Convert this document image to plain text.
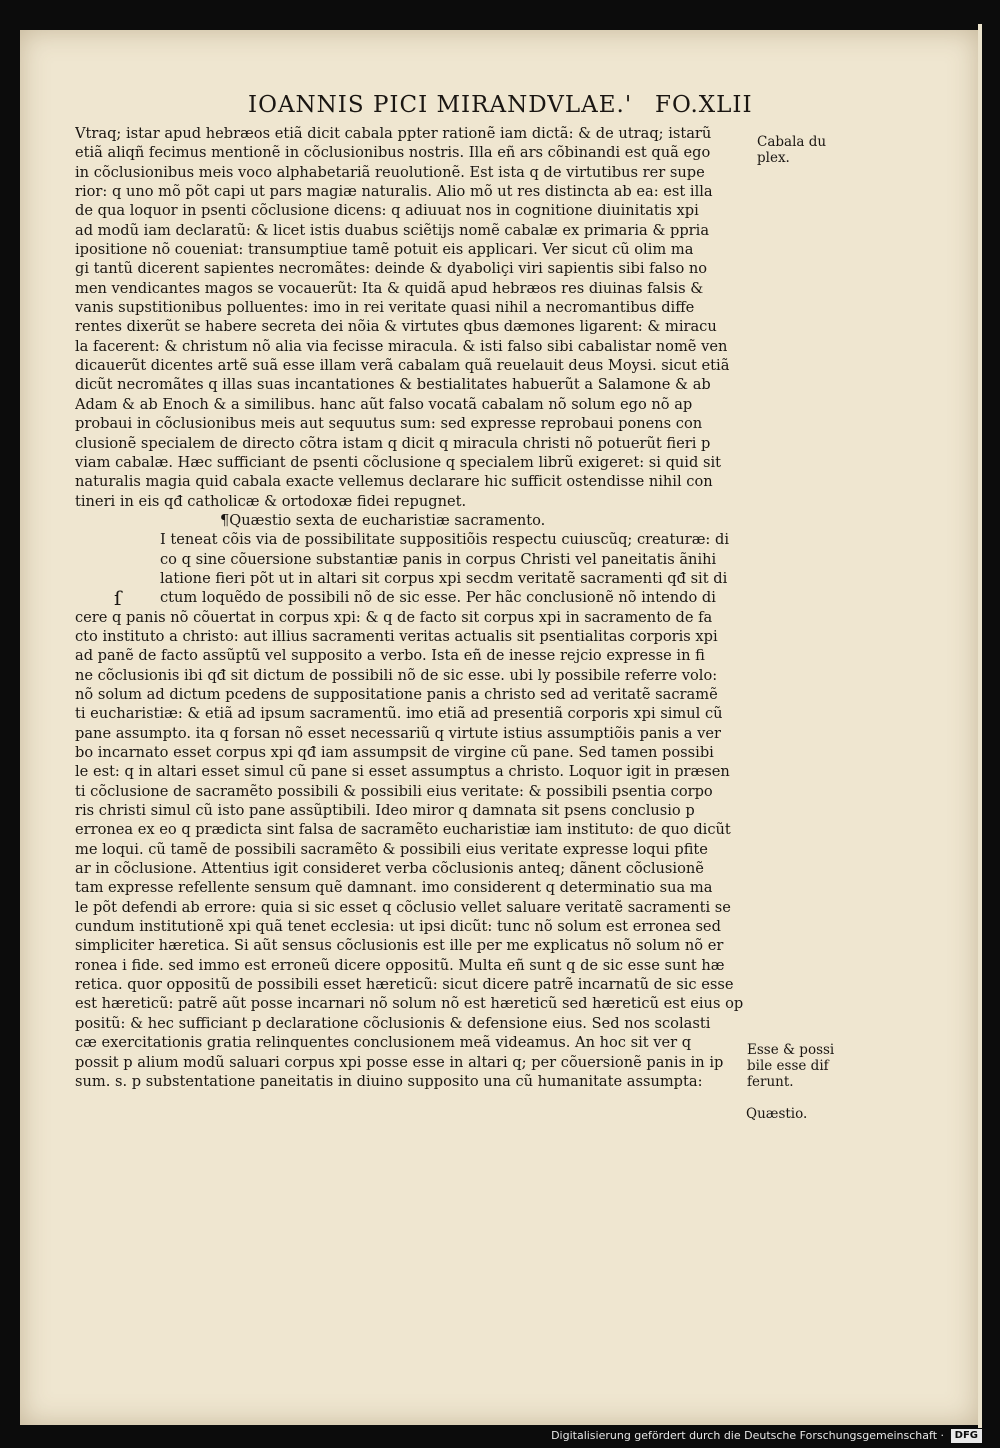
IOANNIS PICI MIRANDVLAE.' FO.XLII
Vtraq; istar apud hebræos etiã dicit cabala ppter rationẽ iam dictã: & de utraq; istarũ
etiã aliqñ fecimus mentionẽ in cõclusionibus nostris. Illa eñ ars cõbinandi est quã ego
in cõclusionibus meis voco alphabetariã reuolutionẽ. Est ista q de virtutibus rer supe
rior: q uno mõ põt capi ut pars magiæ naturalis. Alio mõ ut res distincta ab ea: est illa
de qua loquor in psenti cõclusione dicens: q adiuuat nos in cognitione diuinitatis xpi
ad modũ iam declaratũ: & licet istis duabus sciẽtijs nomẽ cabalæ ex primaria & ppria
ipositione nõ coueniat: transumptiue tamẽ potuit eis applicari. Ver sicut cũ olim ma
gi tantũ dicerent sapientes necromãtes: deinde & dyaboliçi viri sapientis sibi falso no
men vendicantes magos se vocauerũt: Ita & quidã apud hebræos res diuinas falsis &
vanis supstitionibus polluentes: imo in rei veritate quasi nihil a necromantibus diffe
rentes dixerũt se habere secreta dei nõia & virtutes qbus dæmones ligarent: & miracu
la facerent: & christum nõ alia via fecisse miracula. & isti falso sibi cabalistar nomẽ ven
dicauerũt dicentes artẽ suã esse illam verã cabalam quã reuelauit deus Moysi. sicut etiã
dicũt necromãtes q illas suas incantationes & bestialitates habuerũt a Salamone & ab
Adam & ab Enoch & a similibus. hanc aũt falso vocatã cabalam nõ solum ego nõ ap
probaui in cõclusionibus meis aut sequutus sum: sed expresse reprobaui ponens con
clusionẽ specialem de directo cõtra istam q dicit q miracula christi nõ potuerũt fieri p
viam cabalæ. Hæc sufficiant de psenti cõclusione q specialem librũ exigeret: si quid sit
naturalis magia quid cabala exacte vellemus declarare hic sufficit ostendisse nihil con
tineri in eis qđ catholicæ & ortodoxæ fidei repugnet.
¶Quæstio sexta de eucharistiæ sacramento.
I teneat cõis via de possibilitate suppositiõis respectu cuiuscũq; creaturæ: di
co q sine cõuersione substantiæ panis in corpus Christi vel paneitatis ãnihi
latione fieri põt ut in altari sit corpus xpi secdm veritatẽ sacramenti qđ sit di
ctum loquẽdo de possibili nõ de sic esse. Per hãc conclusionẽ nõ intendo di
cere q panis nõ cõuertat in corpus xpi: & q de facto sit corpus xpi in sacramento de fa
cto instituto a christo: aut illius sacramenti veritas actualis sit psentialitas corporis xpi
ad panẽ de facto assũptũ vel supposito a verbo. Ista eñ de inesse rejcio expresse in fi
ne cõclusionis ibi qđ sit dictum de possibili nõ de sic esse. ubi ly possibile referre volo:
nõ solum ad dictum pcedens de suppositatione panis a christo sed ad veritatẽ sacramẽ
ti eucharistiæ: & etiã ad ipsum sacramentũ. imo etiã ad presentiã corporis xpi simul cũ
pane assumpto. ita q forsan nõ esset necessariũ q virtute istius assumptiõis panis a ver
bo incarnato esset corpus xpi qđ iam assumpsit de virgine cũ pane. Sed tamen possibi
le est: q in altari esset simul cũ pane si esset assumptus a christo. Loquor igit in præsen
ti cõclusione de sacramẽto possibili & possibili eius veritate: & possibili psentia corpo
ris christi simul cũ isto pane assũptibili. Ideo miror q damnata sit psens conclusio p
erronea ex eo q prædicta sint falsa de sacramẽto eucharistiæ iam instituto: de quo dicũt
me loqui. cũ tamẽ de possibili sacramẽto & possibili eius veritate expresse loqui pfite
ar in cõclusione. Attentius igit consideret verba cõclusionis anteq; dãnent cõclusionẽ
tam expresse refellente sensum quẽ damnant. imo considerent q determinatio sua ma
le põt defendi ab errore: quia si sic esset q cõclusio vellet saluare veritatẽ sacramenti se
cundum institutionẽ xpi quã tenet ecclesia: ut ipsi dicũt: tunc nõ solum est erronea sed
simpliciter hæretica. Si aũt sensus cõclusionis est ille per me explicatus nõ solum nõ er
ronea i fide. sed immo est erroneũ dicere oppositũ. Multa eñ sunt q de sic esse sunt hæ
retica. quor oppositũ de possibili esset hæreticũ: sicut dicere patrẽ incarnatũ de sic esse
est hæreticũ: patrẽ aũt posse incarnari nõ solum nõ est hæreticũ sed hæreticũ est eius op
positũ: & hec sufficiant p declaratione cõclusionis & defensione eius. Sed nos scolasti
cæ exercitationis gratia relinquentes conclusionem meã videamus. An hoc sit ver q
possit p alium modũ saluari corpus xpi posse esse in altari q; per cõuersionẽ panis in ip
sum. s. p substentatione paneitatis in diuino supposito una cũ humanitate assumpta:
ſ
Cabala du plex.
Esse & possi bile esse dif ferunt.
Quæstio.
Digitalisierung gefördert durch die Deutsche Forschungsgemeinschaft ·	DFG
